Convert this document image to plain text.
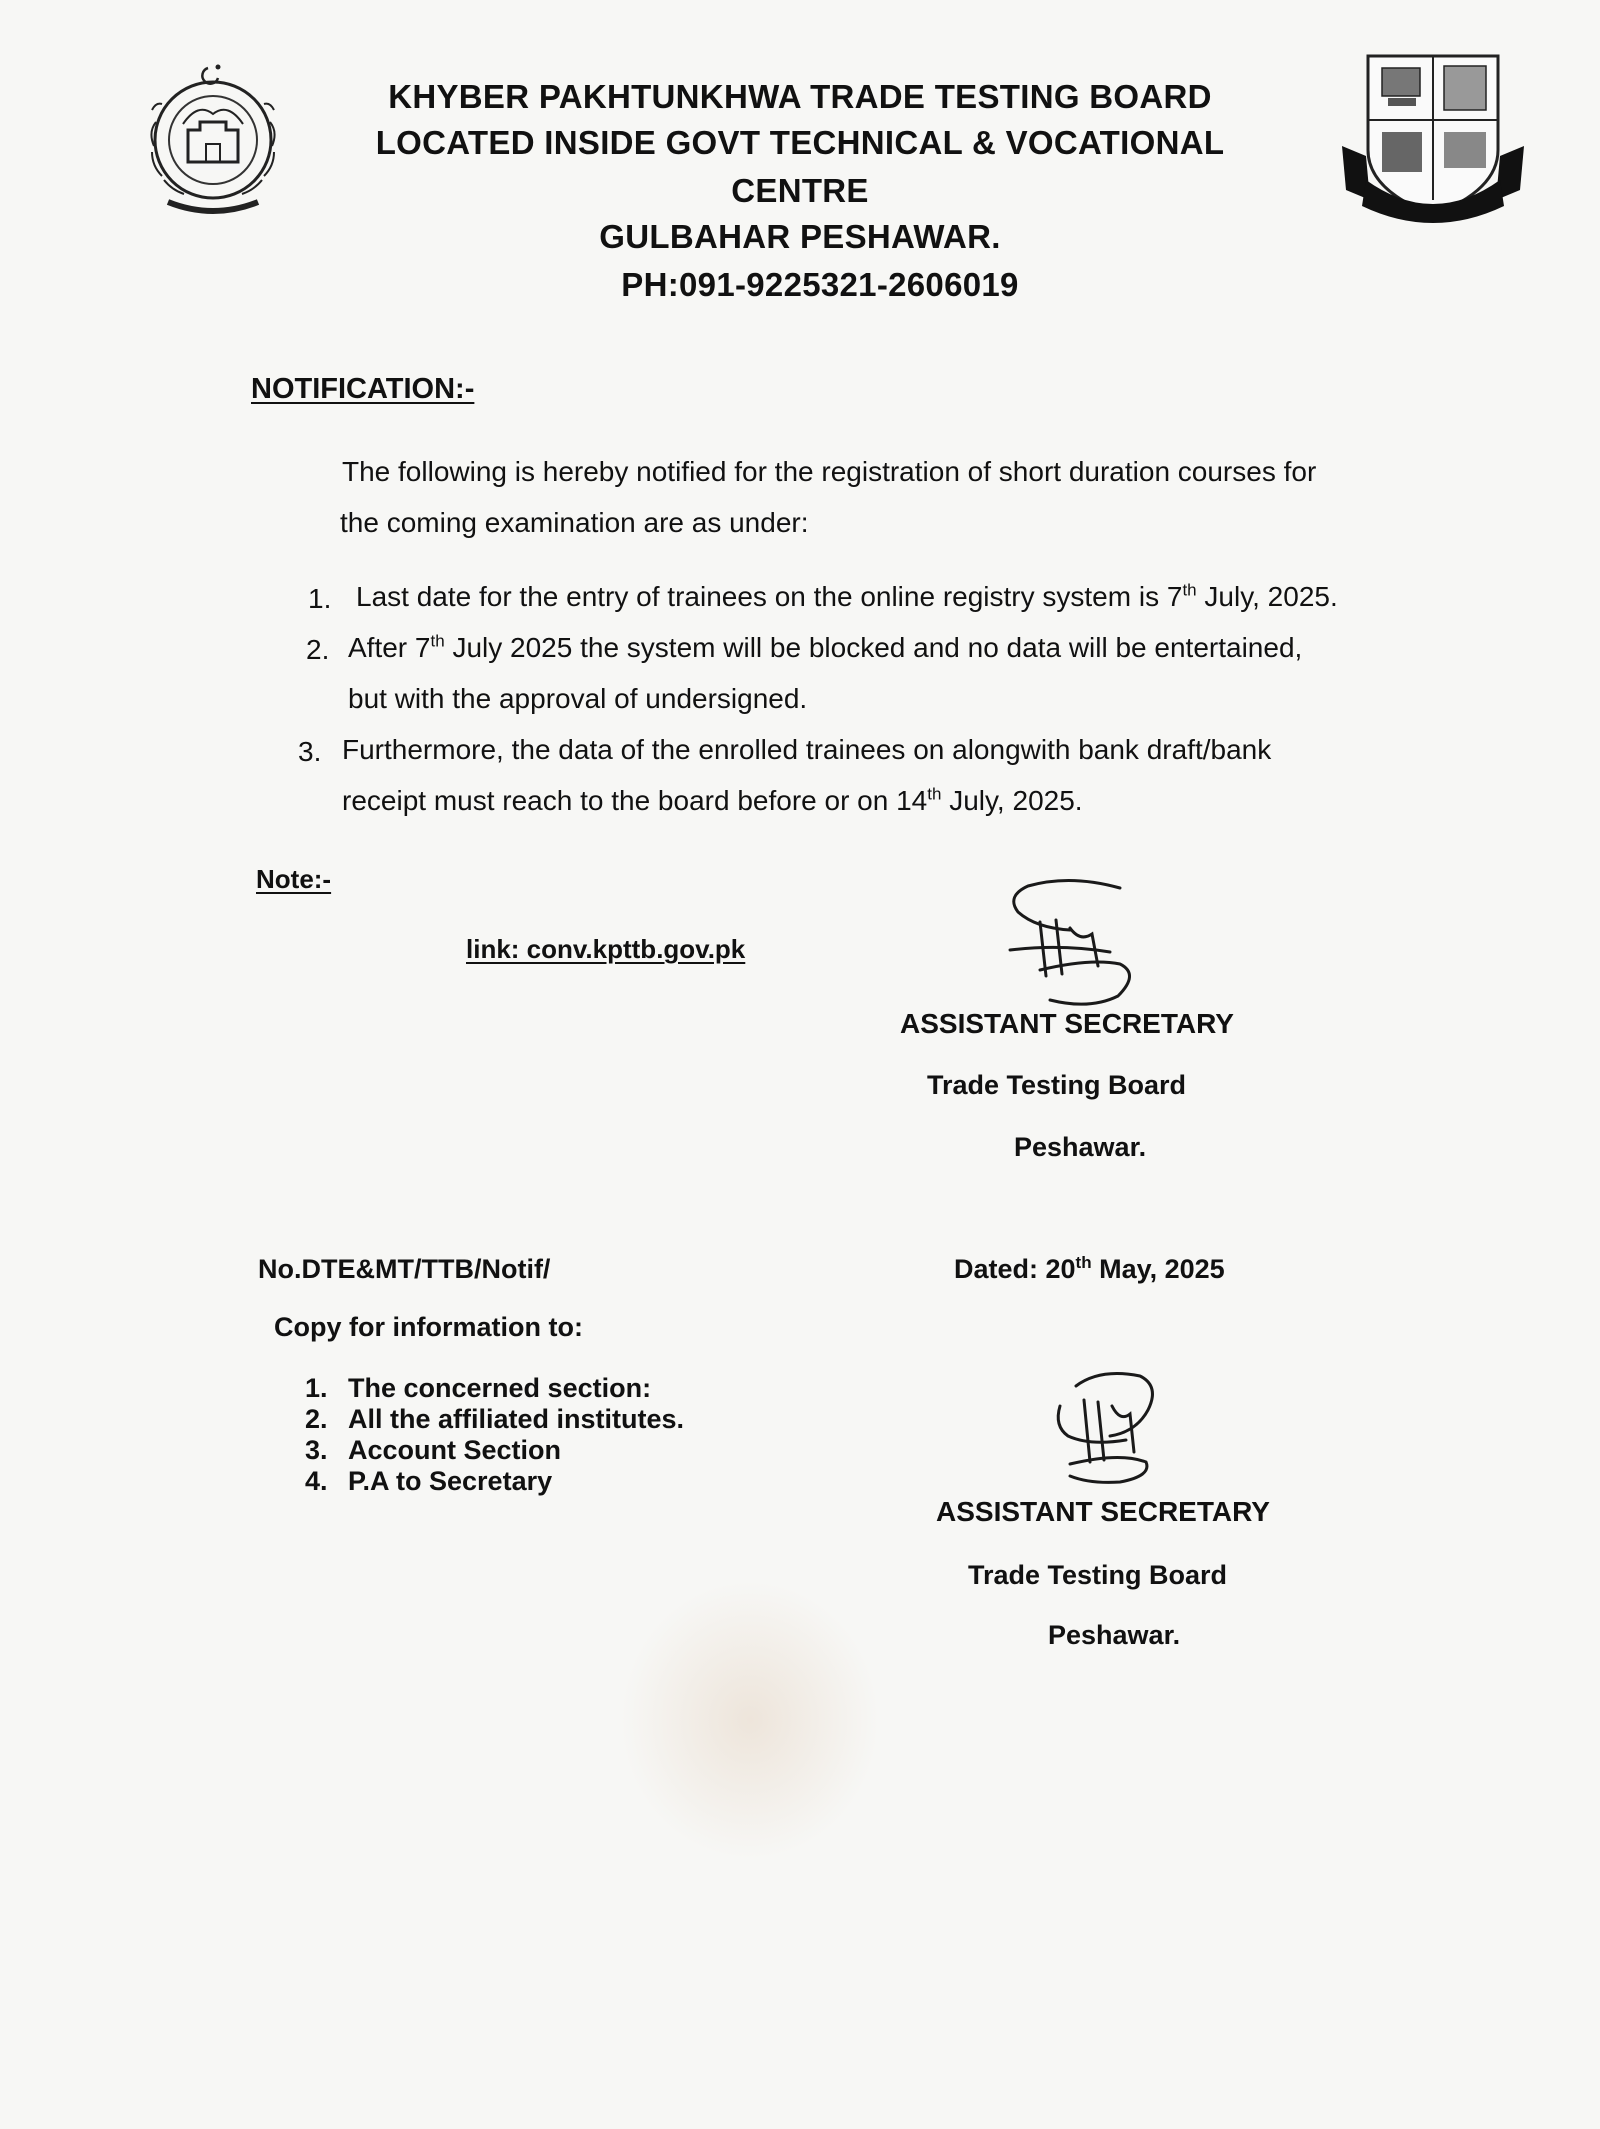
KHYBER PAKHTUNKHWA TRADE TESTING BOARD
LOCATED INSIDE GOVT TECHNICAL & VOCATIONAL
CENTRE
GULBAHAR PESHAWAR.
PH:091-9225321-2606019
NOTIFICATION:-
The following is hereby notified for the registration of short duration courses for
the coming examination are as under:
1. Last date for the entry of trainees on the online registry system is 7th July, 2025.
2. After 7th July 2025 the system will be blocked and no data will be entertained,
but with the approval of undersigned.
3. Furthermore, the data of the enrolled trainees on alongwith bank draft/bank
receipt must reach to the board before or on 14th July, 2025.
Note:-
link: conv.kpttb.gov.pk
ASSISTANT SECRETARY
Trade Testing Board
Peshawar.
No.DTE&MT/TTB/Notif/	Dated: 20th May, 2025
Copy for information to:
1. The concerned section:
2. All the affiliated institutes.
3. Account Section
4. P.A to Secretary
ASSISTANT SECRETARY
Trade Testing Board
Peshawar.
